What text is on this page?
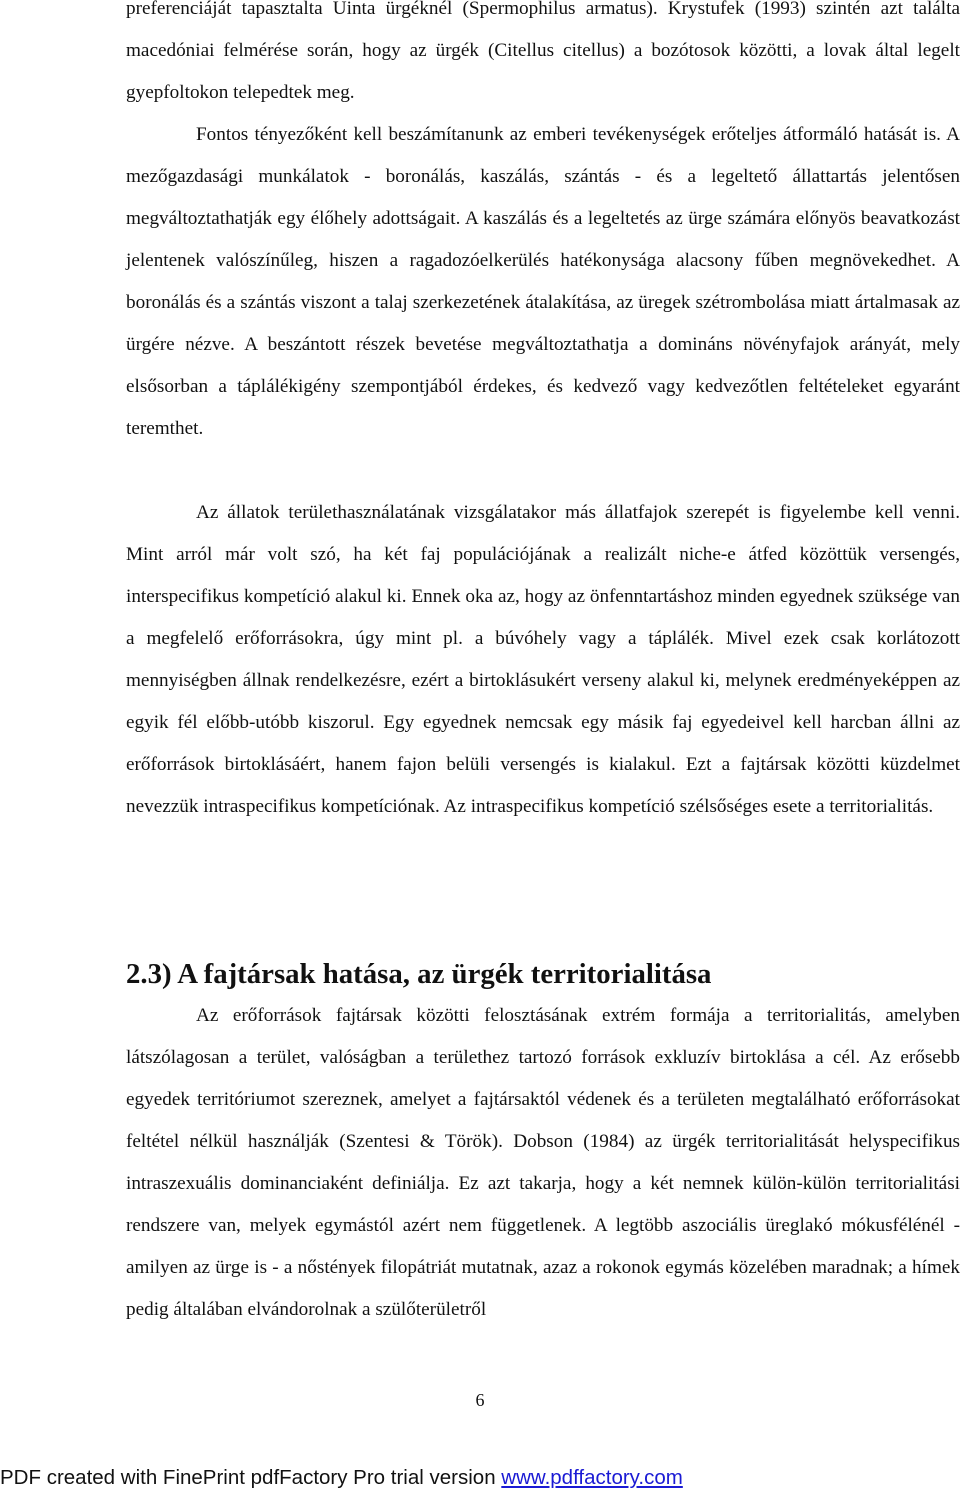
preferenciáját tapasztalta Uinta ürgéknél (Spermophilus armatus). Krystufek (1993) szintén azt találta macedóniai felmérése során, hogy az ürgék (Citellus citellus) a bozótosok közötti, a lovak által legelt gyepfoltokon telepedtek meg.

Fontos tényezőként kell beszámítanunk az emberi tevékenységek erőteljes átformáló hatását is. A mezőgazdasági munkálatok - boronálás, kaszálás, szántás - és a legeltető állattartás jelentősen megváltoztathatják egy élőhely adottságait. A kaszálás és a legeltetés az ürge számára előnyös beavatkozást jelentenek valószínűleg, hiszen a ragadozóelkerülés hatékonysága alacsony fűben megnövekedhet. A boronálás és a szántás viszont a talaj szerkezetének átalakítása, az üregek szétrombolása miatt ártalmasak az ürgére nézve. A beszántott részek bevetése megváltoztathatja a domináns növényfajok arányát, mely elsősorban a táplálékigény szempontjából érdekes, és kedvező vagy kedvezőtlen feltételeket egyaránt teremthet.

Az állatok területhasználatának vizsgálatakor más állatfajok szerepét is figyelembe kell venni. Mint arról már volt szó, ha két faj populációjának a realizált niche-e átfed közöttük versengés, interspecifikus kompetíció alakul ki. Ennek oka az, hogy az önfenntartáshoz minden egyednek szüksége van a megfelelő erőforrásokra, úgy mint pl. a búvóhely vagy a táplálék. Mivel ezek csak korlátozott mennyiségben állnak rendelkezésre, ezért a birtoklásukért verseny alakul ki, melynek eredményeképpen az egyik fél előbb-utóbb kiszorul. Egy egyednek nemcsak egy másik faj egyedeivel kell harcban állni az erőforrások birtoklásáért, hanem fajon belüli versengés is kialakul. Ezt a fajtársak közötti küzdelmet nevezzük intraspecifikus kompetíciónak. Az intraspecifikus kompetíció szélsőséges esete a territorialitás.

2.3) A fajtársak hatása, az ürgék territorialitása

Az erőforrások fajtársak közötti felosztásának extrém formája a territorialitás, amelyben látszólagosan a terület, valóságban a területhez tartozó források exkluzív birtoklása a cél. Az erősebb egyedek territóriumot szereznek, amelyet a fajtársaktól védenek és a területen megtalálható erőforrásokat feltétel nélkül használják (Szentesi & Török). Dobson (1984) az ürgék territorialitását helyspecifikus intraszexuális dominanciaként definiálja. Ez azt takarja, hogy a két nemnek külön-külön territorialitási rendszere van, melyek egymástól azért nem függetlenek. A legtöbb aszociális üreglakó mókusfélénél - amilyen az ürge is - a nőstények filopátriát mutatnak, azaz a rokonok egymás közelében maradnak; a hímek pedig általában elvándorolnak a szülőterületről

6
PDF created with FinePrint pdfFactory Pro trial version www.pdffactory.com
